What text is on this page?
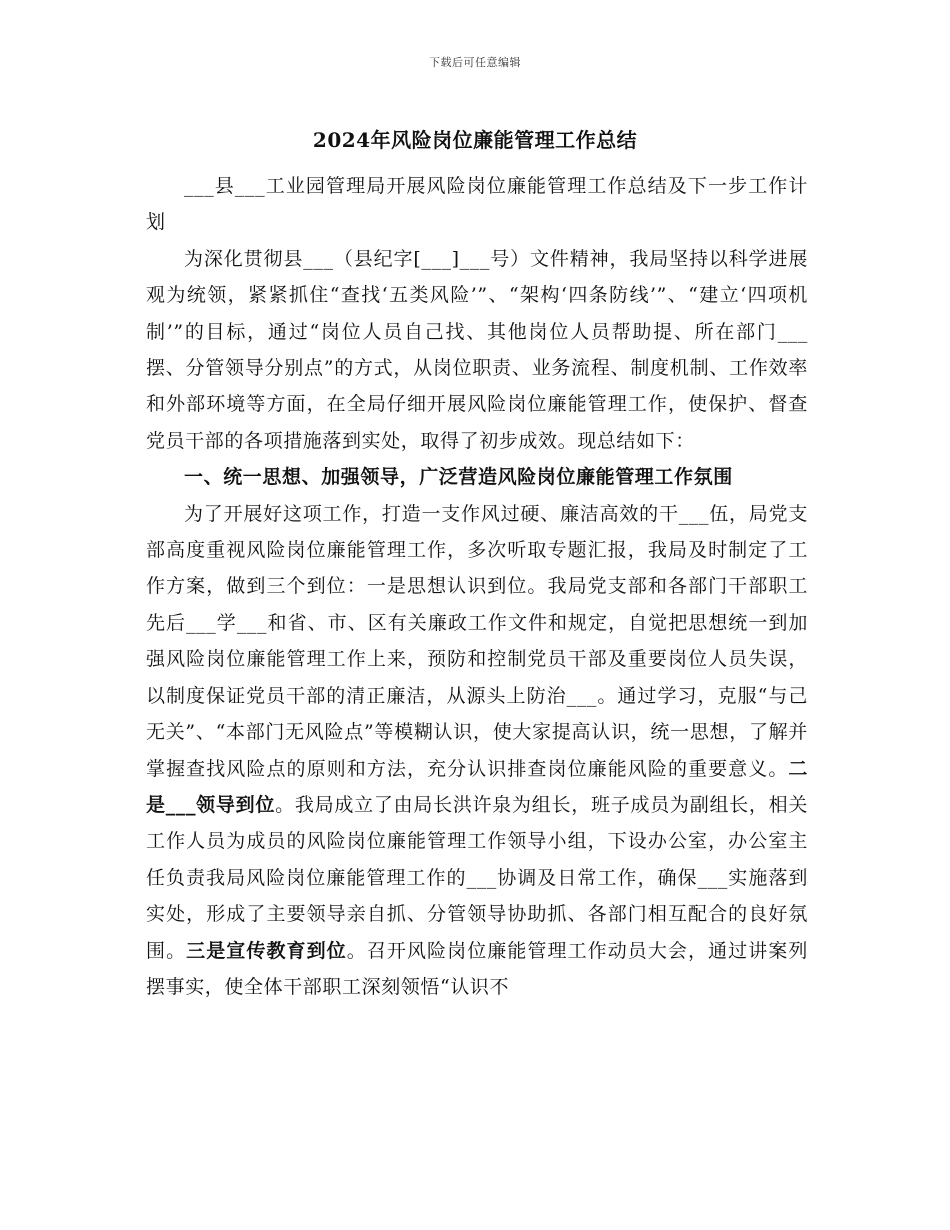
下载后可任意编辑
2024年风险岗位廉能管理工作总结

___县___工业园管理局开展风险岗位廉能管理工作总结及下一步工作计划

为深化贯彻县___（县纪字[___]___号）文件精神，我局坚持以科学进展观为统领，紧紧抓住“查找‘五类风险’”、“架构‘四条防线’”、“建立‘四项机制’”的目标，通过“岗位人员自己找、其他岗位人员帮助提、所在部门___摆、分管领导分别点”的方式，从岗位职责、业务流程、制度机制、工作效率和外部环境等方面，在全局仔细开展风险岗位廉能管理工作，使保护、督查党员干部的各项措施落到实处，取得了初步成效。现总结如下：

一、统一思想、加强领导，广泛营造风险岗位廉能管理工作氛围

为了开展好这项工作，打造一支作风过硬、廉洁高效的干___伍，局党支部高度重视风险岗位廉能管理工作，多次听取专题汇报，我局及时制定了工作方案，做到三个到位：一是思想认识到位。我局党支部和各部门干部职工先后___学___和省、市、区有关廉政工作文件和规定，自觉把思想统一到加强风险岗位廉能管理工作上来，预防和控制党员干部及重要岗位人员失误，以制度保证党员干部的清正廉洁，从源头上防治___。通过学习，克服“与己无关”、“本部门无风险点”等模糊认识，使大家提高认识，统一思想，了解并掌握查找风险点的原则和方法，充分认识排查岗位廉能风险的重要意义。二是___领导到位。我局成立了由局长洪许泉为组长，班子成员为副组长，相关工作人员为成员的风险岗位廉能管理工作领导小组，下设办公室，办公室主任负责我局风险岗位廉能管理工作的___协调及日常工作，确保___实施落到实处，形成了主要领导亲自抓、分管领导协助抓、各部门相互配合的良好氛围。三是宣传教育到位。召开风险岗位廉能管理工作动员大会，通过讲案列摆事实，使全体干部职工深刻领悟“认识不
